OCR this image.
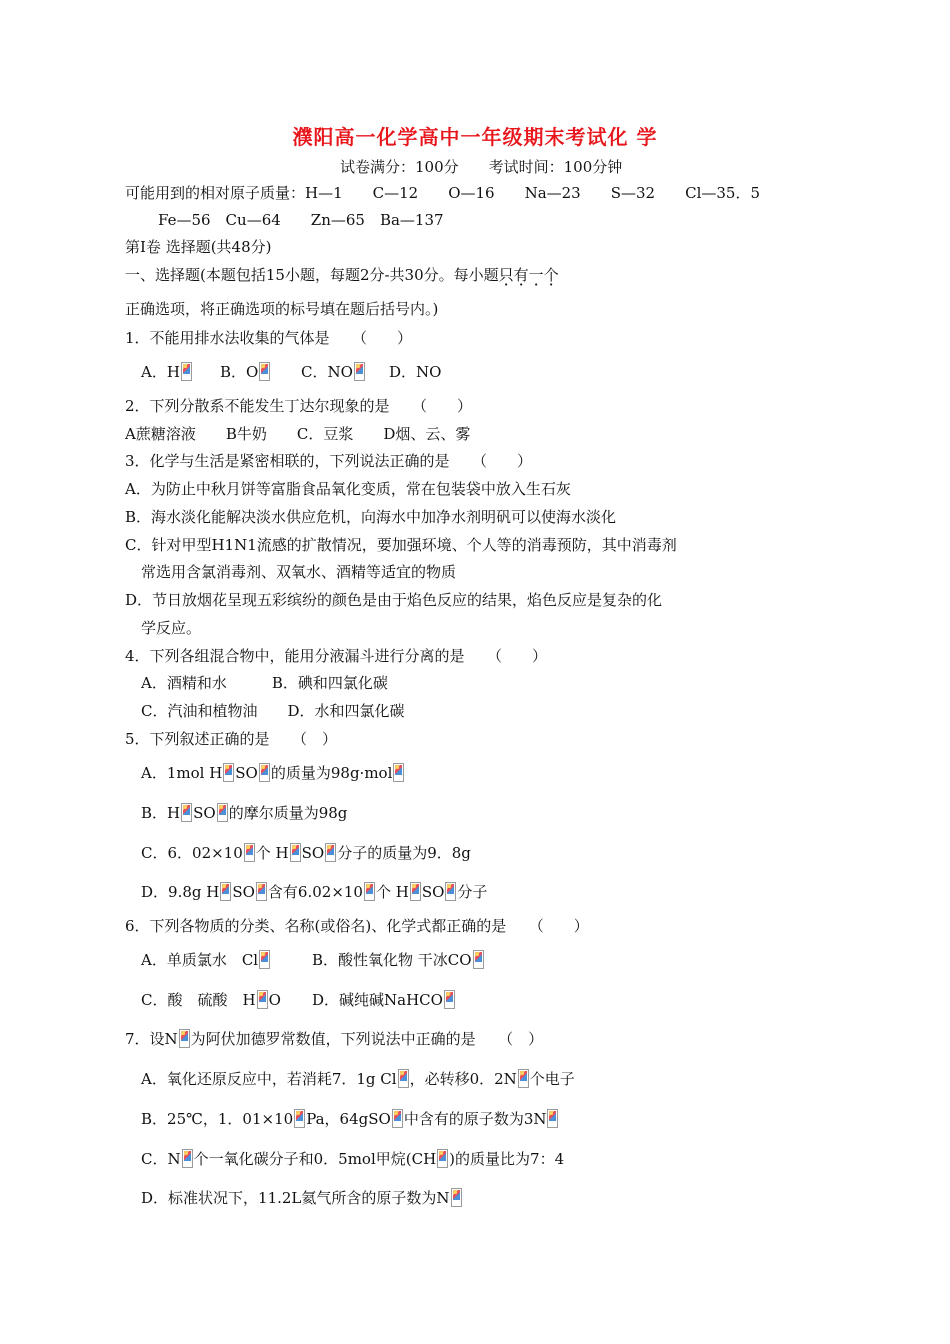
濮阳高一化学高中一年级期末考试化 学
试卷满分：100分　　考试时间：100分钟
可能用到的相对原子质量：H—1　　C—12　　O—16　　Na—23　　S—32　　Cl—35．5
Fe—56　Cu—64　　Zn—65　Ba—137
第Ⅰ卷 选择题(共48分)
一、选择题(本题包括15小题，每题2分-共30分。每小题只有一个
正确选项，将正确选项的标号填在题后括号内。)
1．不能用排水法收集的气体是　　（　　）
A．H	B．O	C．NO	D．NO
2．下列分散系不能发生丁达尔现象的是　　（　　）
A蔗糖溶液　　B牛奶　　C．豆浆　　D烟、云、雾
3．化学与生活是紧密相联的，下列说法正确的是　　（　　）
A．为防止中秋月饼等富脂食品氧化变质，常在包装袋中放入生石灰
B．海水淡化能解决淡水供应危机，向海水中加净水剂明矾可以使海水淡化
C．针对甲型H1N1流感的扩散情况，要加强环境、个人等的消毒预防，其中消毒剂
常选用含氯消毒剂、双氧水、酒精等适宜的物质
D．节日放烟花呈现五彩缤纷的颜色是由于焰色反应的结果，焰色反应是复杂的化
学反应。
4．下列各组混合物中，能用分液漏斗进行分离的是　　（　　）
A．酒精和水　　　B．碘和四氯化碳
C．汽油和植物油　　D．水和四氯化碳
5．下列叙述正确的是　　（　）
A．1mol H SO 的质量为98g·mol
B．H SO 的摩尔质量为98g
C．6．02×10 个 H SO 分子的质量为9．8g
D．9.8g H SO 含有6.02×10 个 H SO 分子
6．下列各物质的分类、名称(或俗名)、化学式都正确的是　　（　　）
A．单质氯水　Cl	B．酸性氧化物 干冰CO
C．酸　硫酸　H O D．碱纯碱NaHCO
7．设N 为阿伏加德罗常数值，下列说法中正确的是　　（　）
A．氧化还原反应中，若消耗7．1g Cl ，必转移0．2N 个电子
B．25℃，1．01×10 Pa，64gSO 中含有的原子数为3N
C．N 个一氧化碳分子和0．5mol甲烷(CH )的质量比为7：4
D．标准状况下，11.2L氦气所含的原子数为N
